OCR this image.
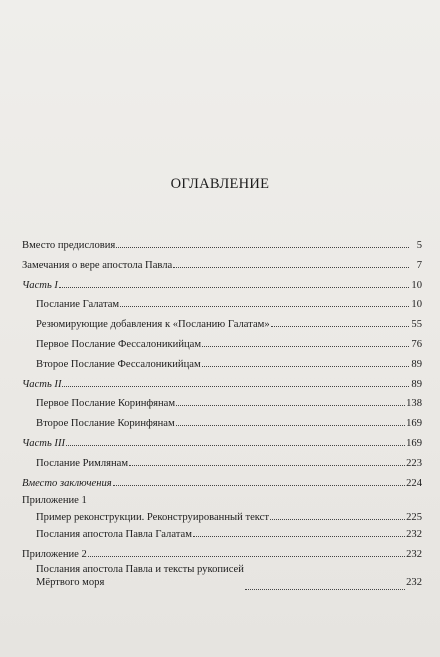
ОГЛАВЛЕНИЕ
Вместо предисловия	5
Замечания о вере апостола Павла	7
Часть I	10
Послание Галатам	10
Резюмирующие добавления к «Посланию Галатам»	55
Первое Послание Фессалоникийцам	76
Второе Послание Фессалоникийцам	89
Часть II	89
Первое Послание Коринфянам	138
Второе Послание Коринфянам	169
Часть III	169
Послание Римлянам	223
Вместо заключения	224
Приложение 1
Пример реконструкции. Реконструированный текст	225
Послания апостола Павла Галатам	232
Приложение 2	232
Послания апостола Павла и тексты рукописей
Мёртвого моря	232
